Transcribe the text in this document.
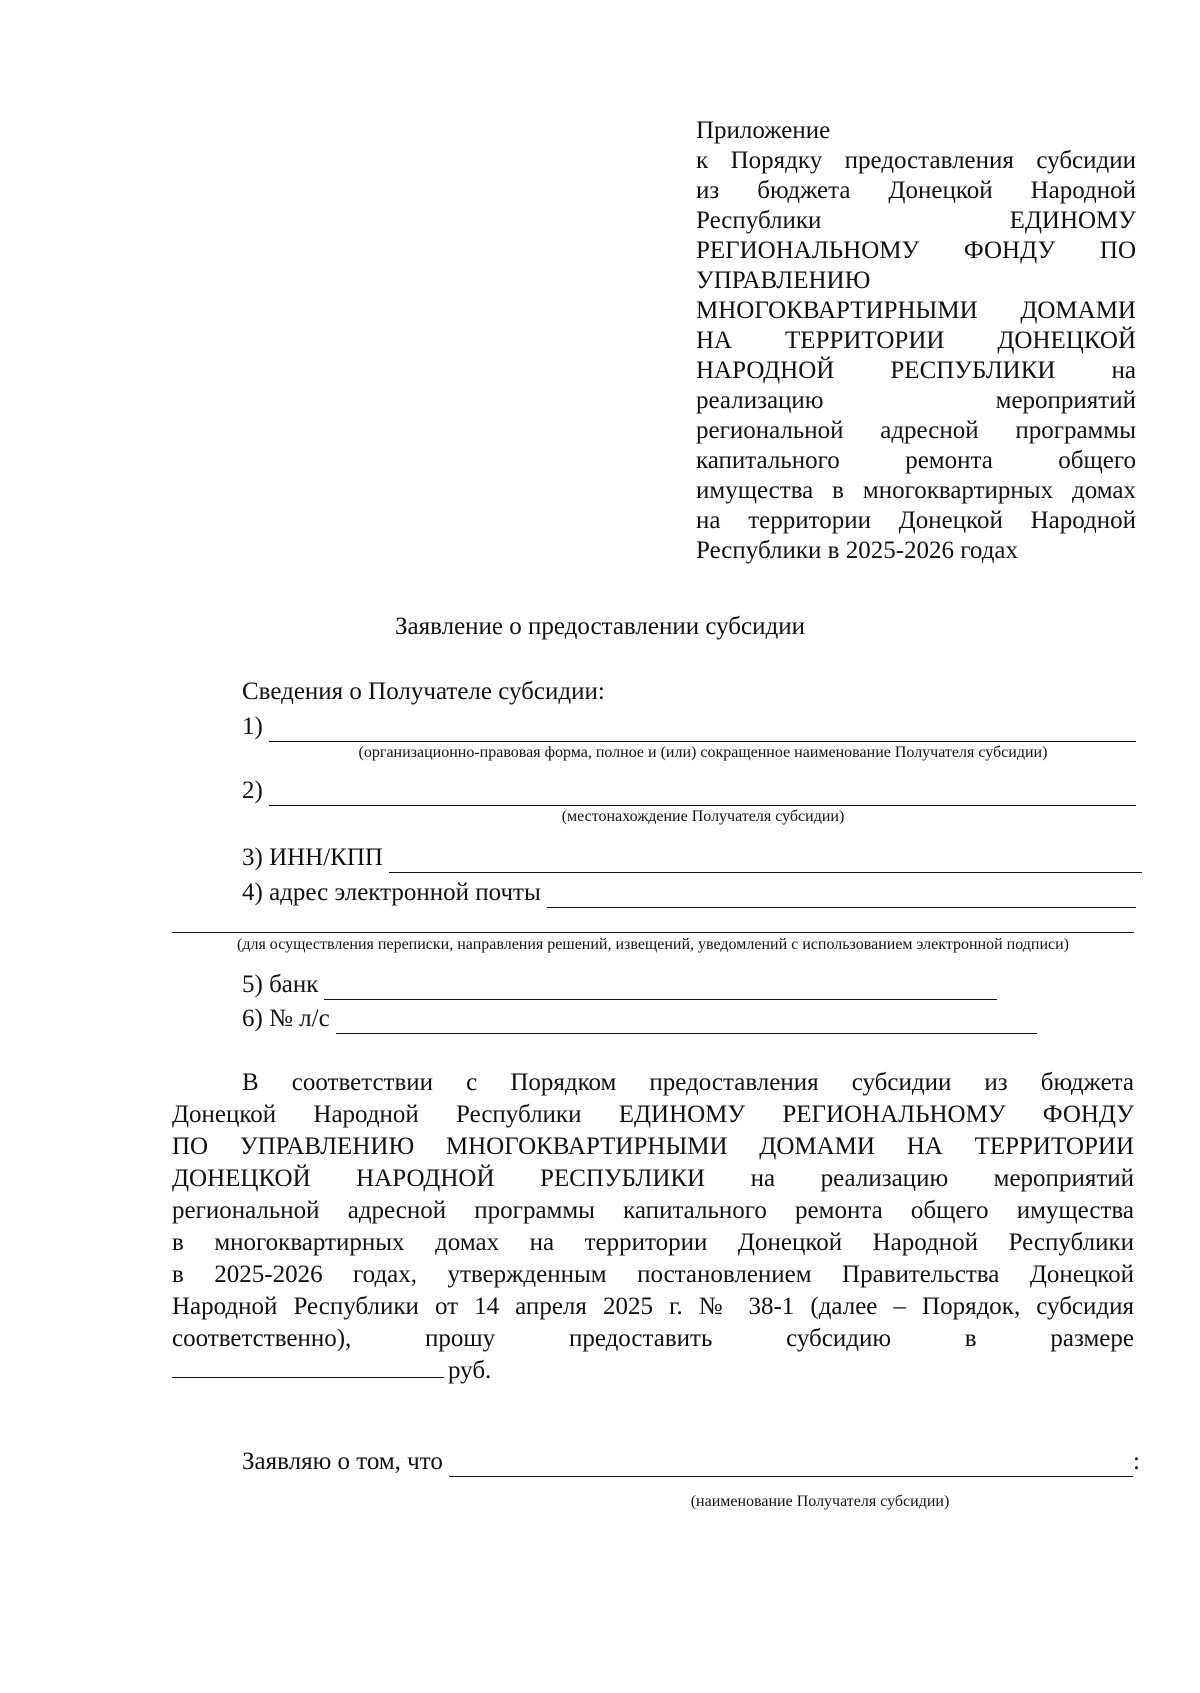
Приложение
к Порядку предоставления субсидии
из бюджета Донецкой Народной
Республики ЕДИНОМУ
РЕГИОНАЛЬНОМУ ФОНДУ ПО
УПРАВЛЕНИЮ
МНОГОКВАРТИРНЫМИ ДОМАМИ
НА ТЕРРИТОРИИ ДОНЕЦКОЙ
НАРОДНОЙ РЕСПУБЛИКИ на
реализацию мероприятий
региональной адресной программы
капитального ремонта общего
имущества в многоквартирных домах
на территории Донецкой Народной
Республики в 2025-2026 годах
Заявление о предоставлении субсидии
Сведения о Получателе субсидии:
1)
(организационно-правовая форма, полное и (или) сокращенное наименование Получателя субсидии)
2)
(местонахождение Получателя субсидии)
3) ИНН/КПП
4) адрес электронной почты
(для осуществления переписки, направления решений, извещений, уведомлений с использованием электронной подписи)
5) банк
6) № л/с
В соответствии с Порядком предоставления субсидии из бюджета
Донецкой Народной Республики ЕДИНОМУ РЕГИОНАЛЬНОМУ ФОНДУ
ПО УПРАВЛЕНИЮ МНОГОКВАРТИРНЫМИ ДОМАМИ НА ТЕРРИТОРИИ
ДОНЕЦКОЙ НАРОДНОЙ РЕСПУБЛИКИ на реализацию мероприятий
региональной адресной программы капитального ремонта общего имущества
в многоквартирных домах на территории Донецкой Народной Республики
в 2025-2026 годах, утвержденным постановлением Правительства Донецкой
Народной Республики от 14 апреля 2025 г. № 38-1 (далее – Порядок, субсидия
соответственно), прошу предоставить субсидию в размере
руб.
Заявляю о том, что	:
(наименование Получателя субсидии)
